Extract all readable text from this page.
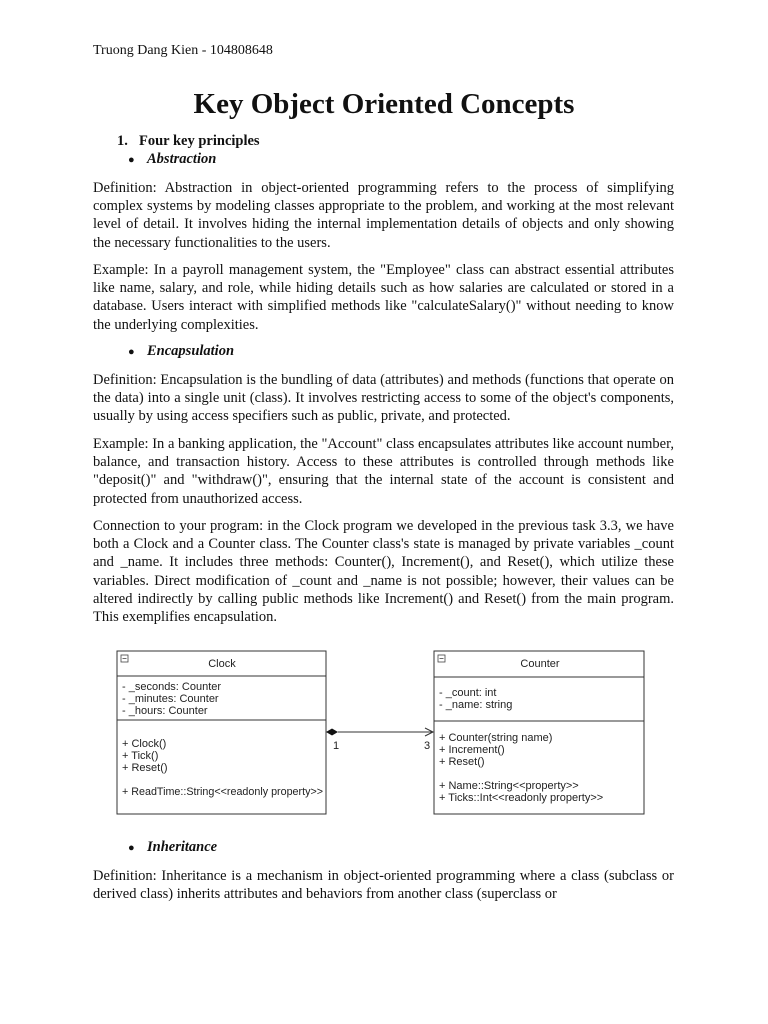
Truong Dang Kien - 104808648
Key Object Oriented Concepts
1. Four key principles
● Abstraction

Definition: Abstraction in object-oriented programming refers to the process of simplifying complex systems by modeling classes appropriate to the problem, and working at the most relevant level of detail. It involves hiding the internal implementation details of objects and only showing the necessary functionalities to the users.

Example: In a payroll management system, the "Employee" class can abstract essential attributes like name, salary, and role, while hiding details such as how salaries are calculated or stored in a database. Users interact with simplified methods like "calculateSalary()" without needing to know the underlying complexities.

● Encapsulation

Definition: Encapsulation is the bundling of data (attributes) and methods (functions that operate on the data) into a single unit (class). It involves restricting access to some of the object's components, usually by using access specifiers such as public, private, and protected.

Example: In a banking application, the "Account" class encapsulates attributes like account number, balance, and transaction history. Access to these attributes is controlled through methods like "deposit()" and "withdraw()", ensuring that the internal state of the account is consistent and protected from unauthorized access.

Connection to your program: in the Clock program we developed in the previous task 3.3, we have both a Clock and a Counter class. The Counter class's state is managed by private variables _count and _name. It includes three methods: Counter(), Increment(), and Reset(), which utilize these variables. Direct modification of _count and _name is not possible; however, their values can be altered indirectly by calling public methods like Increment() and Reset() from the main program. This exemplifies encapsulation.

Clock
- _seconds: Counter
- _minutes: Counter
- _hours: Counter
+ Clock()
+ Tick()
+ Reset()
+ ReadTime::String<<readonly property>>
Counter
- _count: int
- _name: string
+ Counter(string name)
+ Increment()
+ Reset()
+ Name::String<<property>>
+ Ticks::Int<<readonly property>>
1	3
● Inheritance

Definition: Inheritance is a mechanism in object-oriented programming where a class (subclass or derived class) inherits attributes and behaviors from another class (superclass or
